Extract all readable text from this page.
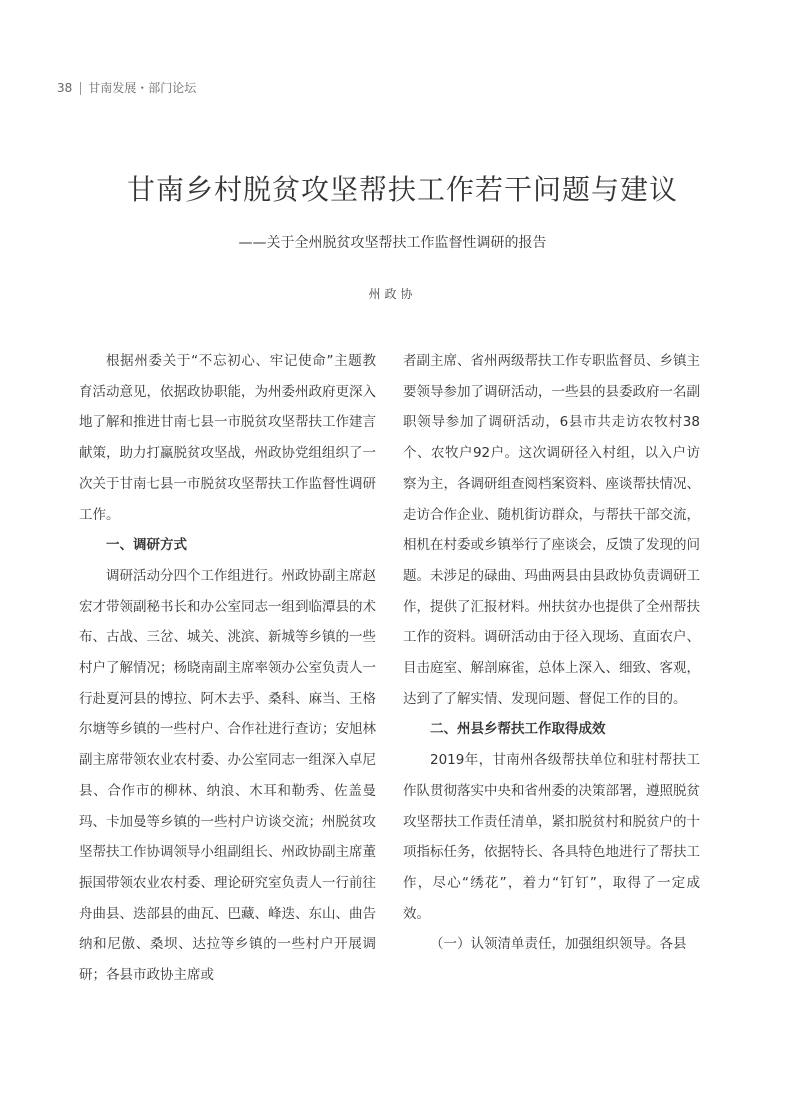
38 甘南发展・部门论坛
甘南乡村脱贫攻坚帮扶工作若干问题与建议
——关于全州脱贫攻坚帮扶工作监督性调研的报告
州政协

根据州委关于“不忘初心、牢记使命”主题教育活动意见，依据政协职能，为州委州政府更深入地了解和推进甘南七县一市脱贫攻坚帮扶工作建言献策，助力打赢脱贫攻坚战，州政协党组组织了一次关于甘南七县一市脱贫攻坚帮扶工作监督性调研工作。

一、调研方式

调研活动分四个工作组进行。州政协副主席赵宏才带领副秘书长和办公室同志一组到临潭县的术布、古战、三岔、城关、洮滨、新城等乡镇的一些村户了解情况；杨晓南副主席率领办公室负责人一行赴夏河县的博拉、阿木去乎、桑科、麻当、王格尔塘等乡镇的一些村户、合作社进行查访；安旭林副主席带领农业农村委、办公室同志一组深入卓尼县、合作市的柳林、纳浪、木耳和勒秀、佐盖曼玛、卡加曼等乡镇的一些村户访谈交流；州脱贫攻坚帮扶工作协调领导小组副组长、州政协副主席董振国带领农业农村委、理论研究室负责人一行前往舟曲县、迭部县的曲瓦、巴藏、峰迭、东山、曲告纳和尼傲、桑坝、达拉等乡镇的一些村户开展调研；各县市政协主席或

者副主席、省州两级帮扶工作专职监督员、乡镇主要领导参加了调研活动，一些县的县委政府一名副职领导参加了调研活动，6县市共走访农牧村38个、农牧户92户。这次调研径入村组，以入户访察为主，各调研组查阅档案资料、座谈帮扶情况、走访合作企业、随机街访群众，与帮扶干部交流，相机在村委或乡镇举行了座谈会，反馈了发现的问题。未涉足的碌曲、玛曲两县由县政协负责调研工作，提供了汇报材料。州扶贫办也提供了全州帮扶工作的资料。调研活动由于径入现场、直面农户、目击庭室、解剖麻雀，总体上深入、细致、客观，达到了了解实情、发现问题、督促工作的目的。

二、州县乡帮扶工作取得成效

2019年，甘南州各级帮扶单位和驻村帮扶工作队贯彻落实中央和省州委的决策部署，遵照脱贫攻坚帮扶工作责任清单，紧扣脱贫村和脱贫户的十项指标任务，依据特长、各具特色地进行了帮扶工作，尽心“绣花”，着力“钉钉”，取得了一定成效。

（一）认领清单责任，加强组织领导。各县
